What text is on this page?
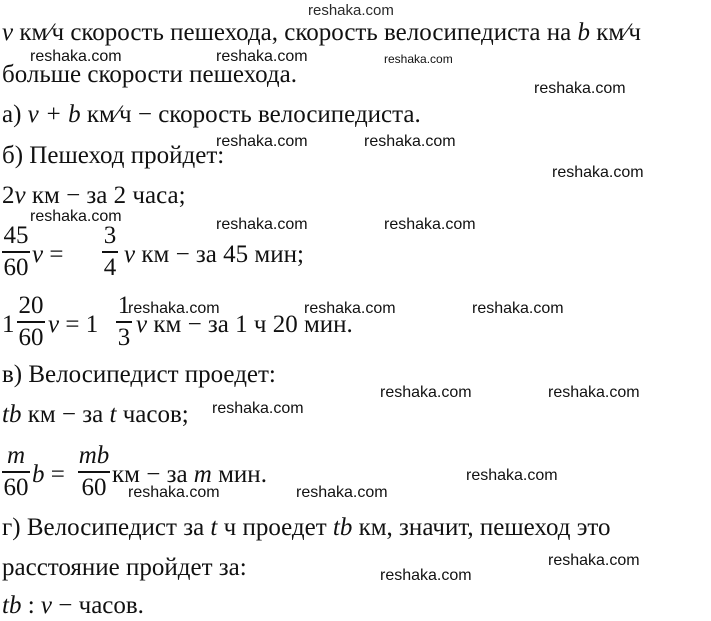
v км⁄ч скорость пешехода, скорость велосипедиста на b км⁄ч
больше скорости пешехода.
а) v + b км⁄ч − скорость велосипедиста.
б) Пешеход пройдет:
2v км − за 2 часа;
45
60 v =
3
4 v км − за 45 мин;
1
20
60 v = 1
1
3 v км − за 1 ч 20 мин.
в) Велосипедист проедет:
tb км − за t часов;
m
60 b =
mb
60 км − за m мин.
г) Велосипедист за t ч проедет tb км, значит, пешеход это
расстояние пройдет за:
tb : v − часов.
reshaka.com
reshaka.com	reshaka.com	reshaka.com
reshaka.com
reshaka.com	reshaka.com
reshaka.com
reshaka.com	reshaka.com	reshaka.com
reshaka.com	reshaka.com	reshaka.com
reshaka.com	reshaka.com
reshaka.com
reshaka.com
reshaka.com	reshaka.com
reshaka.com
reshaka.com
